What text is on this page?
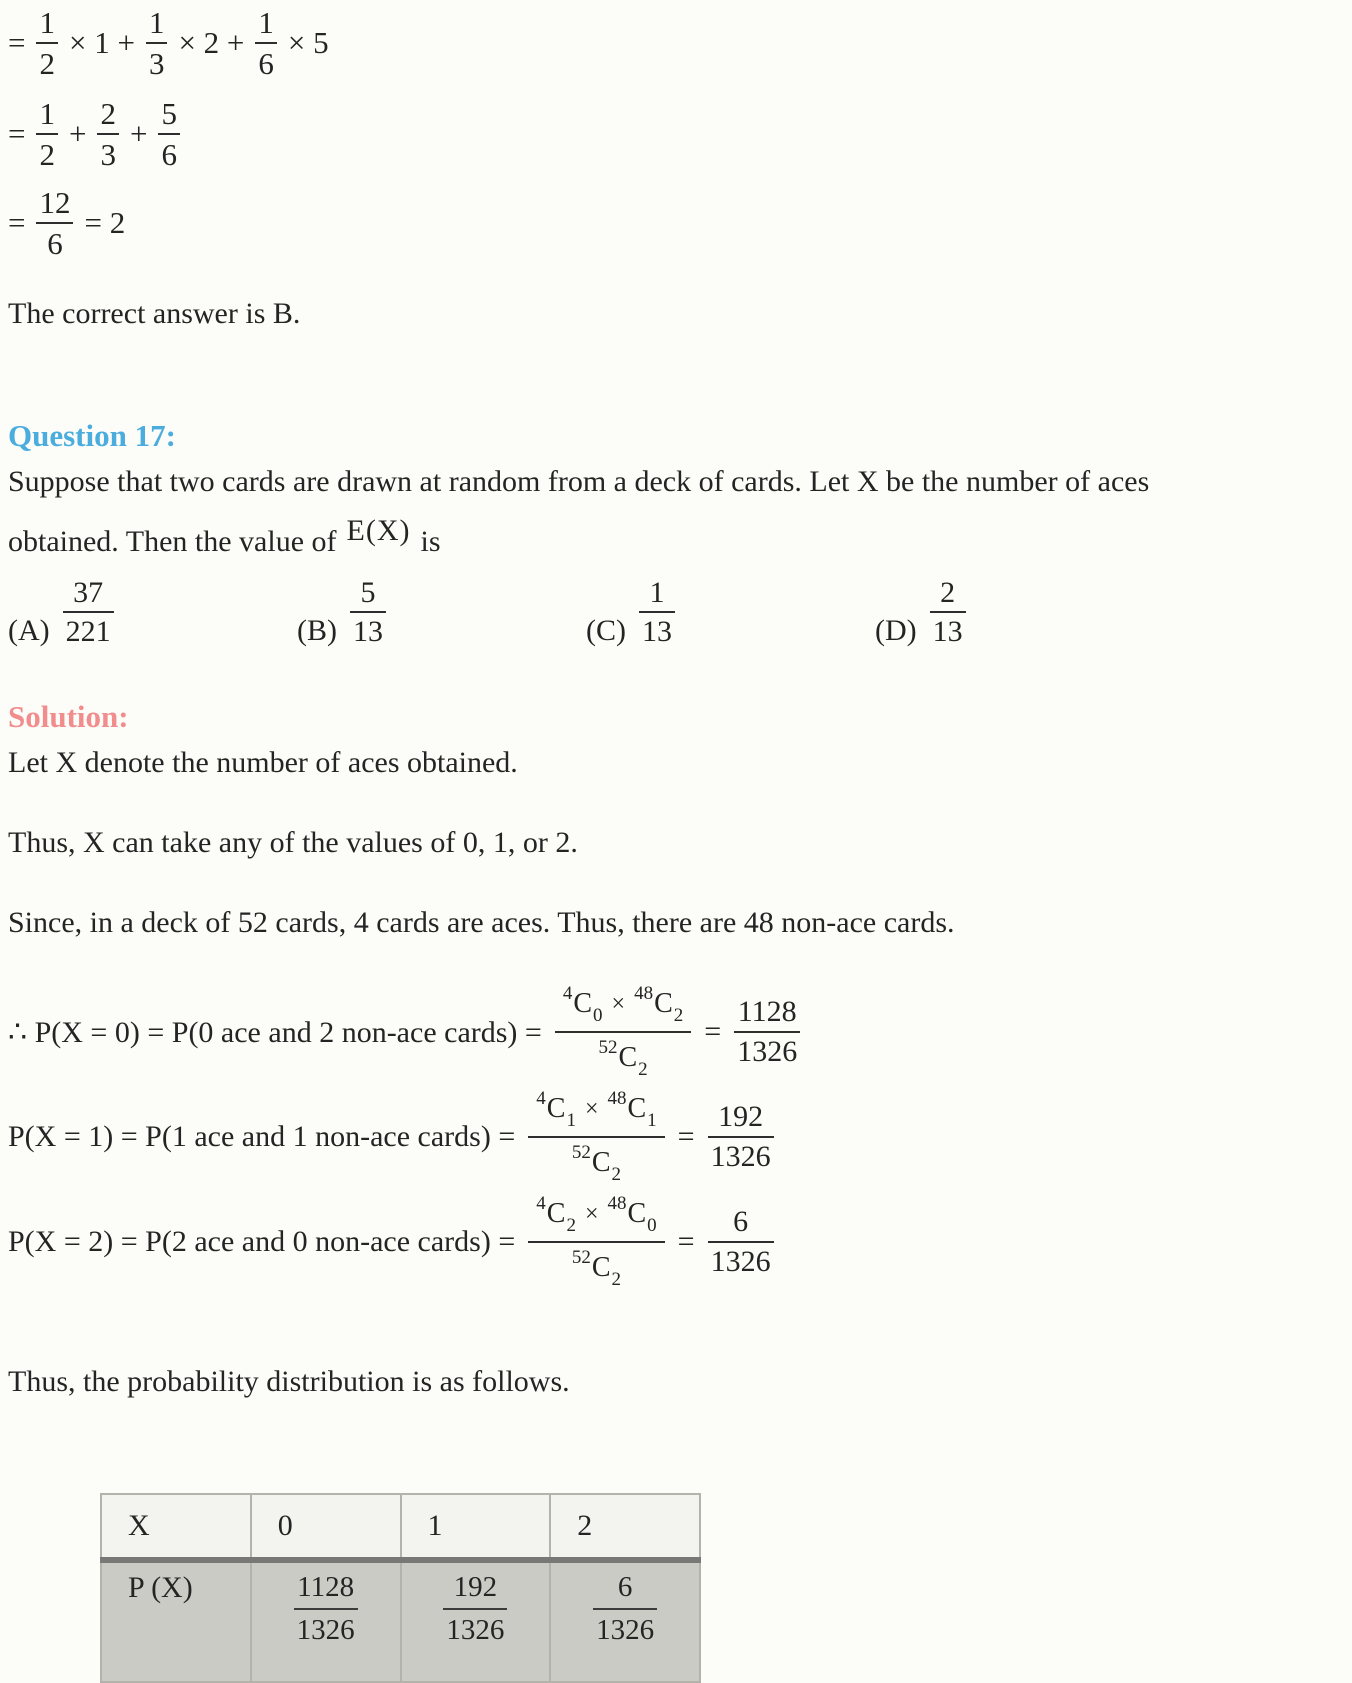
= $\frac{1}{2} \times 1 + \frac{1}{3} \times 2 + \frac{1}{6} \times 5$
= $\frac{1}{2} + \frac{2}{3} + \frac{5}{6}$
= $\frac{12}{6} = 2$
The correct answer is B.
Question 17:
Suppose that two cards are drawn at random from a deck of cards. Let X be the number of aces
obtained. Then the value of E(X) is
$(A) \frac{37}{221}$	$(B) \frac{5}{13}$	$(C) \frac{1}{13}$	$(D) \frac{2}{13}$
Solution:
Let X denote the number of aces obtained.
Thus, X can take any of the values of 0, 1, or 2.
Since, in a deck of 52 cards, 4 cards are aces. Thus, there are 48 non-ace cards.
∴ P(X = 0) = P(0 ace and 2 non-ace cards) = $\frac{^4C_0 \times ^{48}C_2}{^{52}C_2} = \frac{1128}{1326}$
P(X = 1) = P(1 ace and 1 non-ace cards) = $\frac{^4C_1 \times ^{48}C_1}{^{52}C_2} = \frac{192}{1326}$
P(X = 2) = P(2 ace and 0 non-ace cards) = $\frac{^4C_2 \times ^{48}C_0}{^{52}C_2} = \frac{6}{1326}$
Thus, the probability distribution is as follows.
X	0	1	2
P (X)	$\frac{1128}{1326}$	$\frac{192}{1326}$	$\frac{6}{1326}$
